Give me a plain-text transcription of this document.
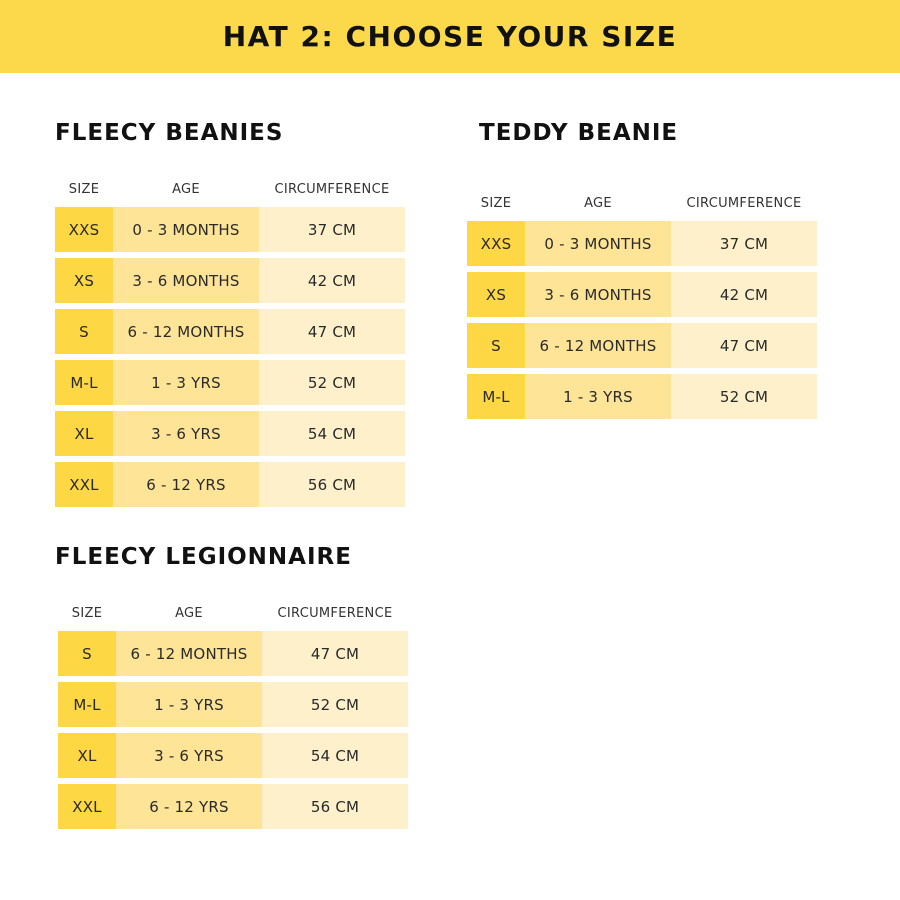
HAT 2: CHOOSE YOUR SIZE
FLEECY BEANIES
SIZE	AGE	CIRCUMFERENCE
XXS	0 - 3 MONTHS	37 CM
XS	3 - 6 MONTHS	42 CM
S	6 - 12 MONTHS	47 CM
M-L	1 - 3 YRS	52 CM
XL	3 - 6 YRS	54 CM
XXL	6 - 12 YRS	56 CM
TEDDY BEANIE
SIZE	AGE	CIRCUMFERENCE
XXS	0 - 3 MONTHS	37 CM
XS	3 - 6 MONTHS	42 CM
S	6 - 12 MONTHS	47 CM
M-L	1 - 3 YRS	52 CM
FLEECY LEGIONNAIRE
SIZE	AGE	CIRCUMFERENCE
S	6 - 12 MONTHS	47 CM
M-L	1 - 3 YRS	52 CM
XL	3 - 6 YRS	54 CM
XXL	6 - 12 YRS	56 CM
